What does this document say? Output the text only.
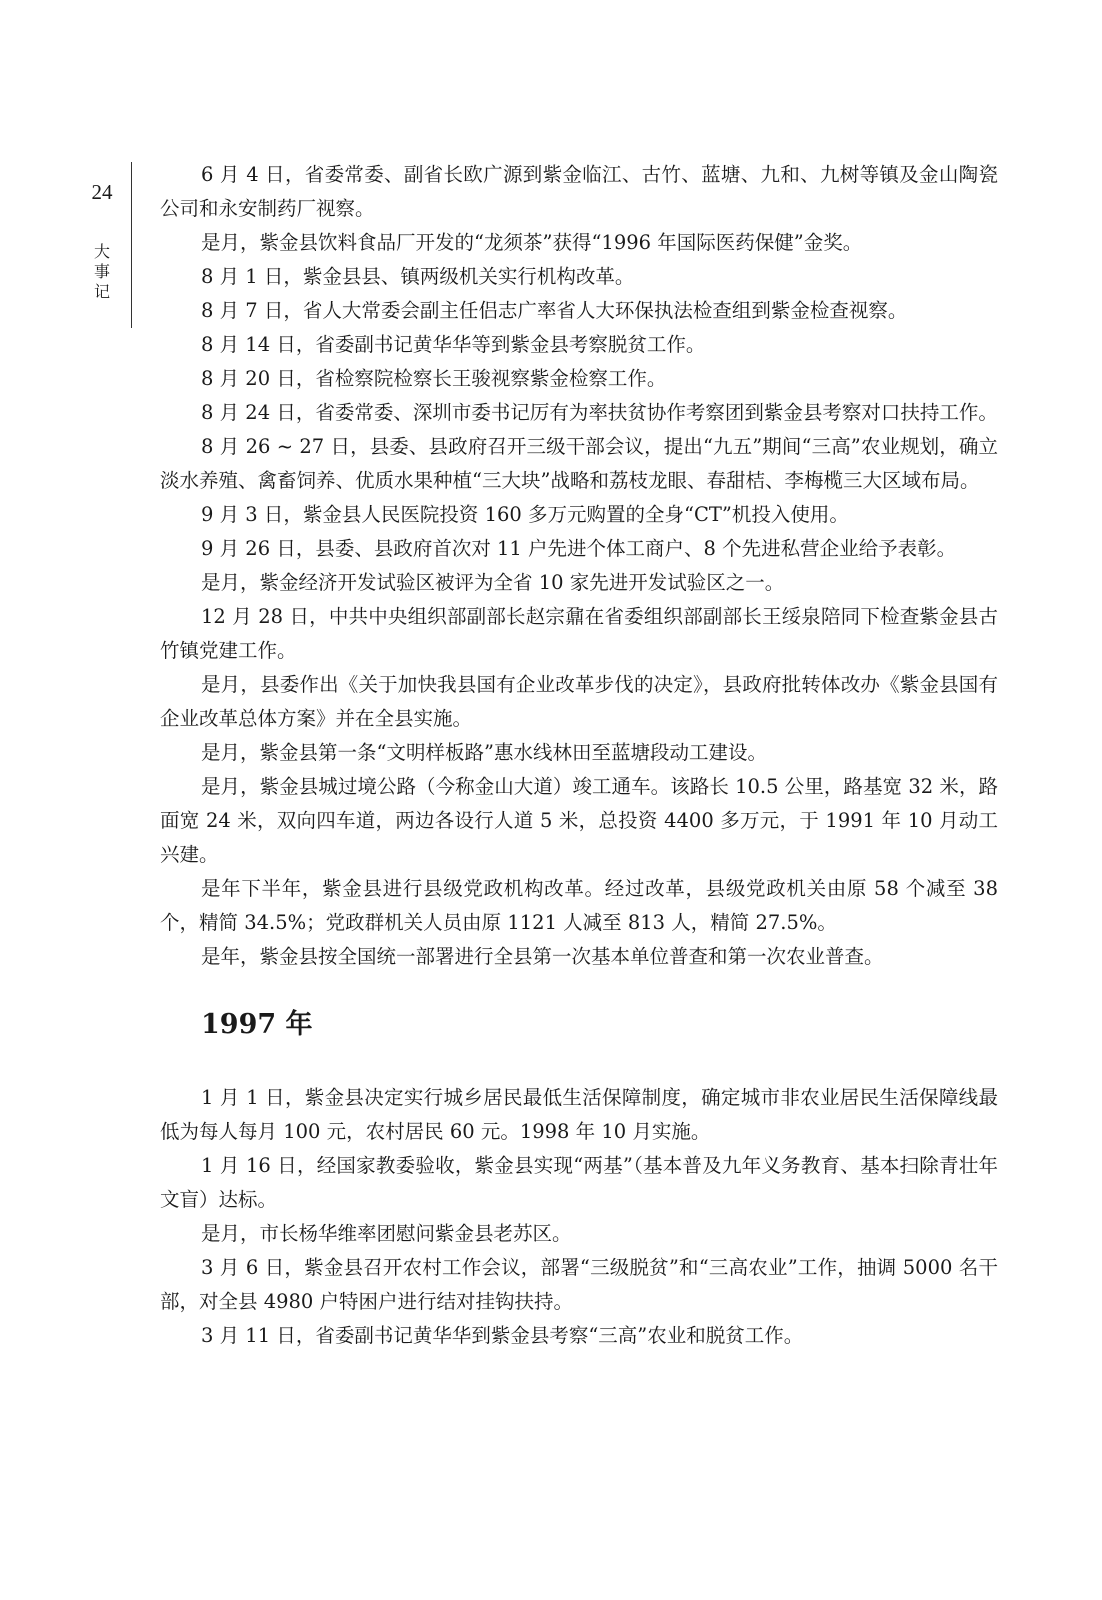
24
大事记

6 月 4 日，省委常委、副省长欧广源到紫金临江、古竹、蓝塘、九和、九树等镇及金山陶瓷公司和永安制药厂视察。

是月，紫金县饮料食品厂开发的“龙须茶”获得“1996 年国际医药保健”金奖。

8 月 1 日，紫金县县、镇两级机关实行机构改革。

8 月 7 日，省人大常委会副主任侣志广率省人大环保执法检查组到紫金检查视察。

8 月 14 日，省委副书记黄华华等到紫金县考察脱贫工作。

8 月 20 日，省检察院检察长王骏视察紫金检察工作。

8 月 24 日，省委常委、深圳市委书记厉有为率扶贫协作考察团到紫金县考察对口扶持工作。

8 月 26 ~ 27 日，县委、县政府召开三级干部会议，提出“九五”期间“三高”农业规划，确立淡水养殖、禽畜饲养、优质水果种植“三大块”战略和荔枝龙眼、春甜桔、李梅榄三大区域布局。

9 月 3 日，紫金县人民医院投资 160 多万元购置的全身“CT”机投入使用。

9 月 26 日，县委、县政府首次对 11 户先进个体工商户、8 个先进私营企业给予表彰。

是月，紫金经济开发试验区被评为全省 10 家先进开发试验区之一。

12 月 28 日，中共中央组织部副部长赵宗鼐在省委组织部副部长王绥泉陪同下检查紫金县古竹镇党建工作。

是月，县委作出《关于加快我县国有企业改革步伐的决定》，县政府批转体改办《紫金县国有企业改革总体方案》并在全县实施。

是月，紫金县第一条“文明样板路”惠水线林田至蓝塘段动工建设。

是月，紫金县城过境公路（今称金山大道）竣工通车。该路长 10.5 公里，路基宽 32 米，路面宽 24 米，双向四车道，两边各设行人道 5 米，总投资 4400 多万元，于 1991 年 10 月动工兴建。

是年下半年，紫金县进行县级党政机构改革。经过改革，县级党政机关由原 58 个减至 38 个，精简 34.5%；党政群机关人员由原 1121 人减至 813 人，精简 27.5%。

是年，紫金县按全国统一部署进行全县第一次基本单位普查和第一次农业普查。

1997 年

1 月 1 日，紫金县决定实行城乡居民最低生活保障制度，确定城市非农业居民生活保障线最低为每人每月 100 元，农村居民 60 元。1998 年 10 月实施。

1 月 16 日，经国家教委验收，紫金县实现“两基”（基本普及九年义务教育、基本扫除青壮年文盲）达标。

是月，市长杨华维率团慰问紫金县老苏区。

3 月 6 日，紫金县召开农村工作会议，部署“三级脱贫”和“三高农业”工作，抽调 5000 名干部，对全县 4980 户特困户进行结对挂钩扶持。

3 月 11 日，省委副书记黄华华到紫金县考察“三高”农业和脱贫工作。
